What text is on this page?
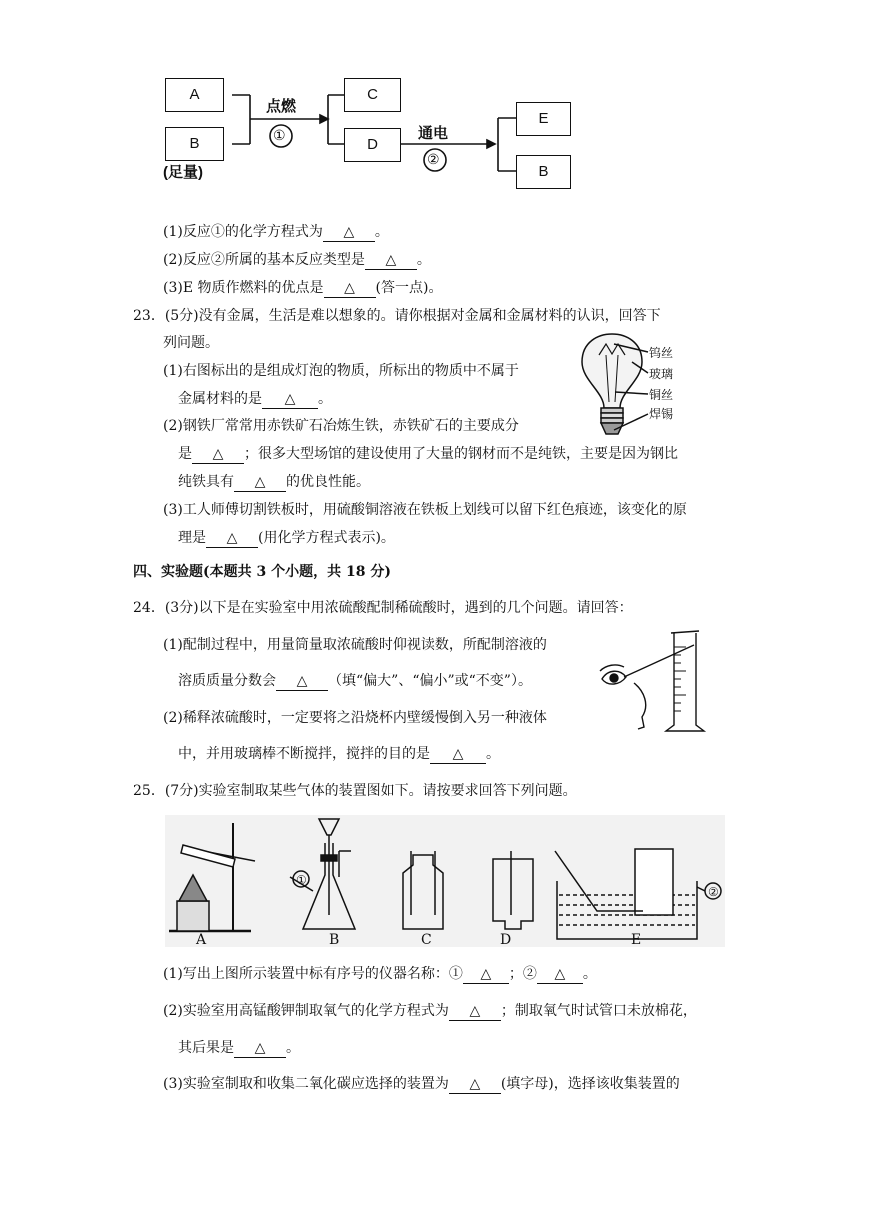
A
B
(足量)
点燃
①
C
D
通电
②
E
B
(1)反应①的化学方程式为 △ 。
(2)反应②所属的基本反应类型是 △ 。
(3)E 物质作燃料的优点是 △ (答一点)。
23．(5分)没有金属，生活是难以想象的。请你根据对金属和金属材料的认识，回答下
列问题。
(1)右图标出的是组成灯泡的物质，所标出的物质中不属于
金属材料的是 △ 。
(2)钢铁厂常常用赤铁矿石冶炼生铁，赤铁矿石的主要成分
是 △ ；很多大型场馆的建设使用了大量的钢材而不是纯铁，主要是因为钢比
纯铁具有 △ 的优良性能。
(3)工人师傅切割铁板时，用硫酸铜溶液在铁板上划线可以留下红色痕迹，该变化的原
理是 △ (用化学方程式表示)。
钨丝
玻璃
铜丝
焊锡
四、实验题(本题共 3 个小题，共 18 分)
24．(3分)以下是在实验室中用浓硫酸配制稀硫酸时，遇到的几个问题。请回答：
(1)配制过程中，用量筒量取浓硫酸时仰视读数，所配制溶液的
溶质质量分数会 △ （填“偏大”、“偏小”或“不变”）。
(2)稀释浓硫酸时，一定要将之沿烧杯内壁缓慢倒入另一种液体
中，并用玻璃棒不断搅拌，搅拌的目的是 △ 。
25．(7分)实验室制取某些气体的装置图如下。请按要求回答下列问题。
A	B	C	D	E
①
②
(1)写出上图所示装置中标有序号的仪器名称：① △ ；② △ 。
(2)实验室用高锰酸钾制取氧气的化学方程式为 △ ；制取氧气时试管口未放棉花，
其后果是 △ 。
(3)实验室制取和收集二氧化碳应选择的装置为 △ (填字母)，选择该收集装置的
